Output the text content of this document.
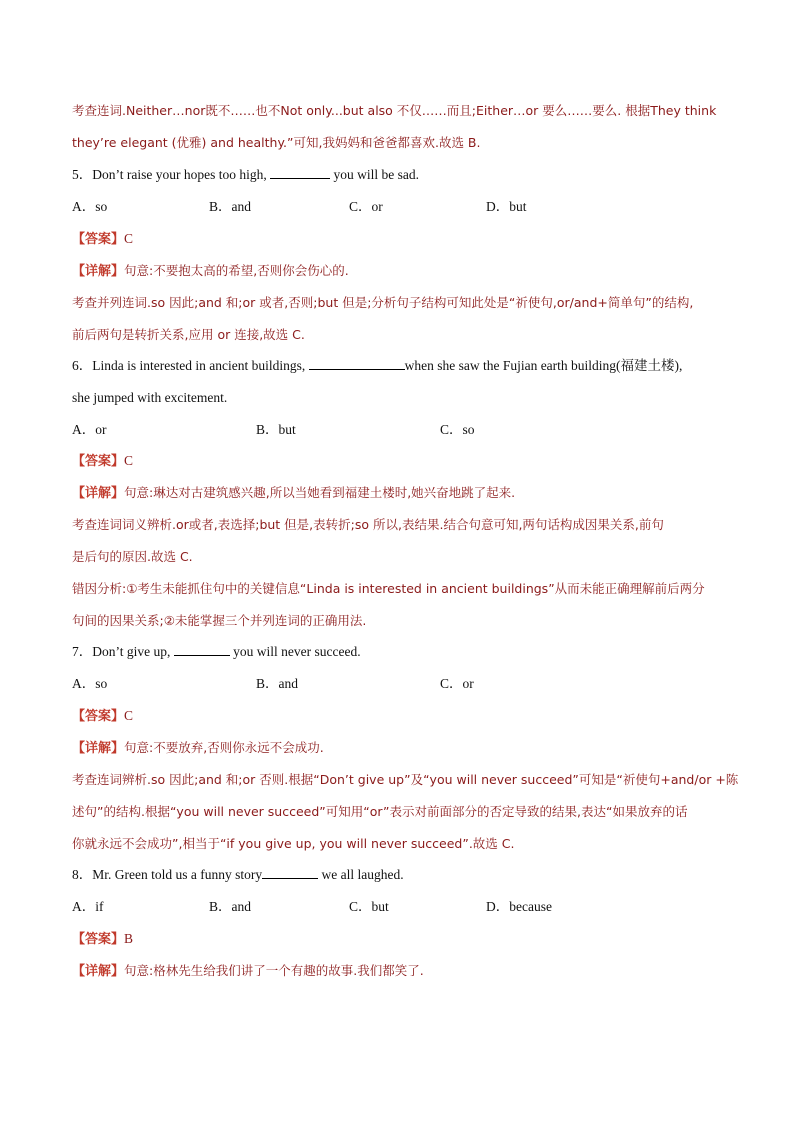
考查连词.Neither…nor既不……也不Not only...but also 不仅……而且;Either…or 要么……要么. 根据They think
they’re elegant (优雅) and healthy.”可知,我妈妈和爸爸都喜欢.故选 B.
5．Don’t raise your hopes too high,	you will be sad.
A．so	B．and	C．or	D．but
【答案】C
【详解】句意:不要抱太高的希望,否则你会伤心的.
考查并列连词.so 因此;and 和;or 或者,否则;but 但是;分析句子结构可知此处是“祈使句,or/and+简单句”的结构,
前后两句是转折关系,应用 or 连接,故选 C.
6．Linda is interested in ancient buildings,	when she saw the Fujian earth building(福建土楼),
she jumped with excitement.
A．or	B．but	C．so
【答案】C
【详解】句意:琳达对古建筑感兴趣,所以当她看到福建土楼时,她兴奋地跳了起来.
考查连词词义辨析.or或者,表选择;but 但是,表转折;so 所以,表结果.结合句意可知,两句话构成因果关系,前句
是后句的原因.故选 C.
错因分析:①考生未能抓住句中的关键信息“Linda is interested in ancient buildings”从而未能正确理解前后两分
句间的因果关系;②未能掌握三个并列连词的正确用法.
7．Don’t give up,	you will never succeed.
A．so	B．and	C．or
【答案】C
【详解】句意:不要放弃,否则你永远不会成功.
考查连词辨析.so 因此;and 和;or 否则.根据“Don’t give up”及“you will never succeed”可知是“祈使句+and/or +陈
述句”的结构.根据“you will never succeed”可知用“or”表示对前面部分的否定导致的结果,表达“如果放弃的话
你就永远不会成功”,相当于“if you give up, you will never succeed”.故选 C.
8．Mr. Green told us a funny story	we all laughed.
A．if	B．and	C．but	D．because
【答案】B
【详解】句意:格林先生给我们讲了一个有趣的故事.我们都笑了.
